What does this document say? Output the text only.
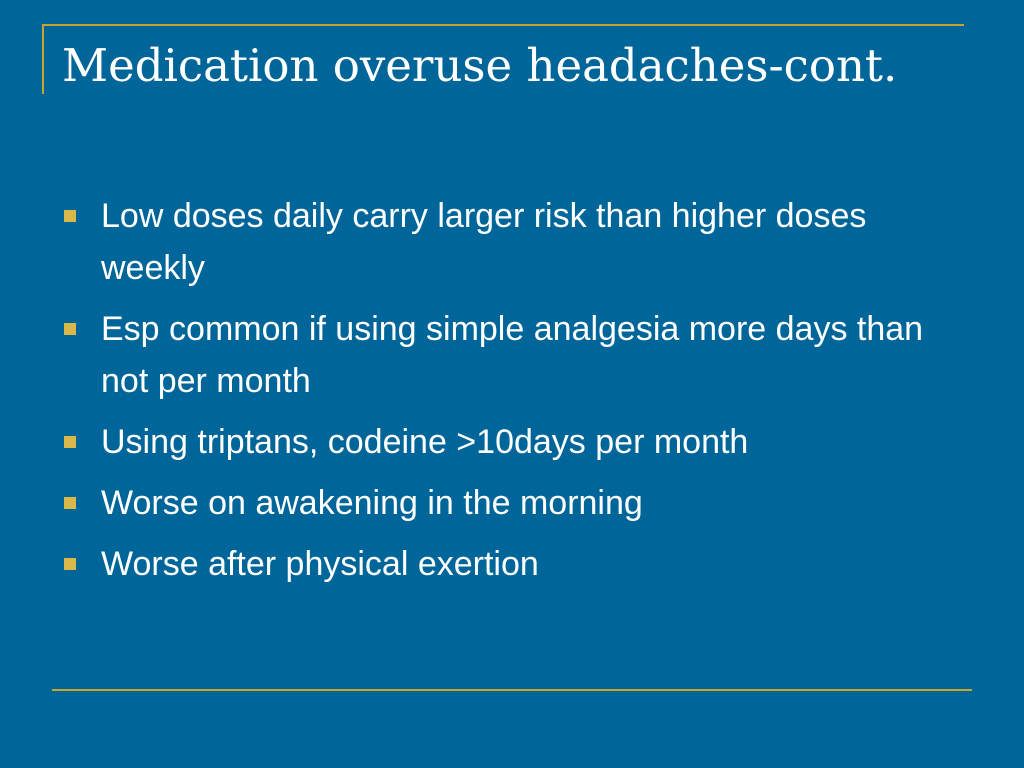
Medication overuse headaches-cont.
Low doses daily carry larger risk than higher doses weekly
Esp common if using simple analgesia more days than not per month
Using triptans, codeine >10days per month
Worse on awakening in the morning
Worse after physical exertion
